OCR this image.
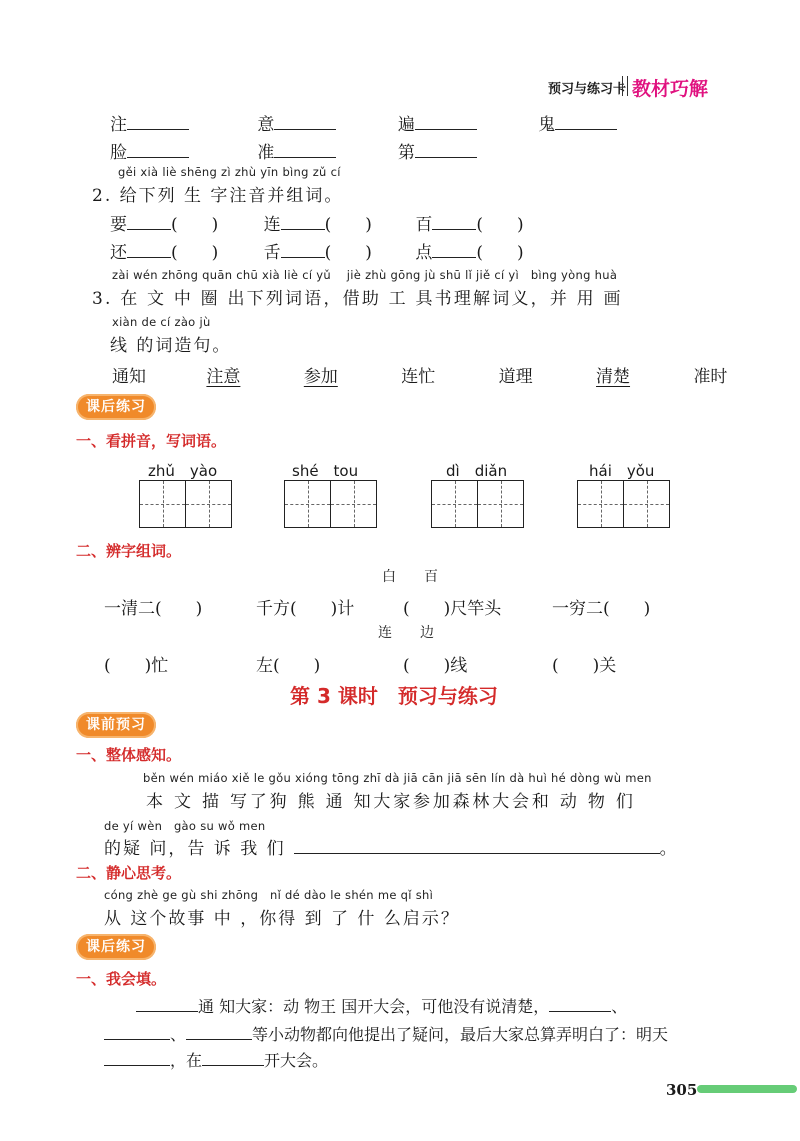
预习与练习卡 教材巧解
注	意	遍	鬼
脸	准	第
gěi xià liè shēng zì zhù yīn bìng zǔ cí
2. 给下列 生 字注音并组词。
要	(　　)	连	(　　)	百	(　　)
还	(　　)	舌	(　　)	点	(　　)
zài wén zhōng quān chū xià liè cí yǔ　 jiè zhù gōng jù shū lǐ jiě cí yì　bìng yòng huà
3. 在 文 中 圈 出下列词语，借助 工 具书理解词义，并 用 画
xiàn de cí zào jù
线 的词造句。
通知	注意	参加	连忙	道理	清楚	准时
课后练习
一、看拼音，写词语。
zhǔ　yào	shé　tou	dì　diǎn	hái　yǒu
二、辨字组词。
白　　百
一清二(　　)	千方(　　)计	(　　)尺竿头	一穷二(　　)
连　　边
(　　)忙	左(　　)	(　　)线	(　　)关
第 3 课时　预习与练习
课前预习
一、整体感知。
běn wén miáo xiě le gǒu xióng tōng zhī dà jiā cān jiā sēn lín dà huì hé dòng wù men
本 文 描 写了狗 熊 通 知大家参加森林大会和 动 物 们
de yí wèn　gào su wǒ men
的疑 问，告 诉 我 们	。
二、静心思考。
cóng zhè ge gù shi zhōng　nǐ dé dào le shén me qǐ shì
从 这个故事 中 ，你得 到 了 什 么启示？
课后练习
一、我会填。
通 知大家：动 物王 国开大会，可他没有说清楚，	、
、	等小动物都向他提出了疑问，最后大家总算弄明白了：明天
，在	开大会。
305
